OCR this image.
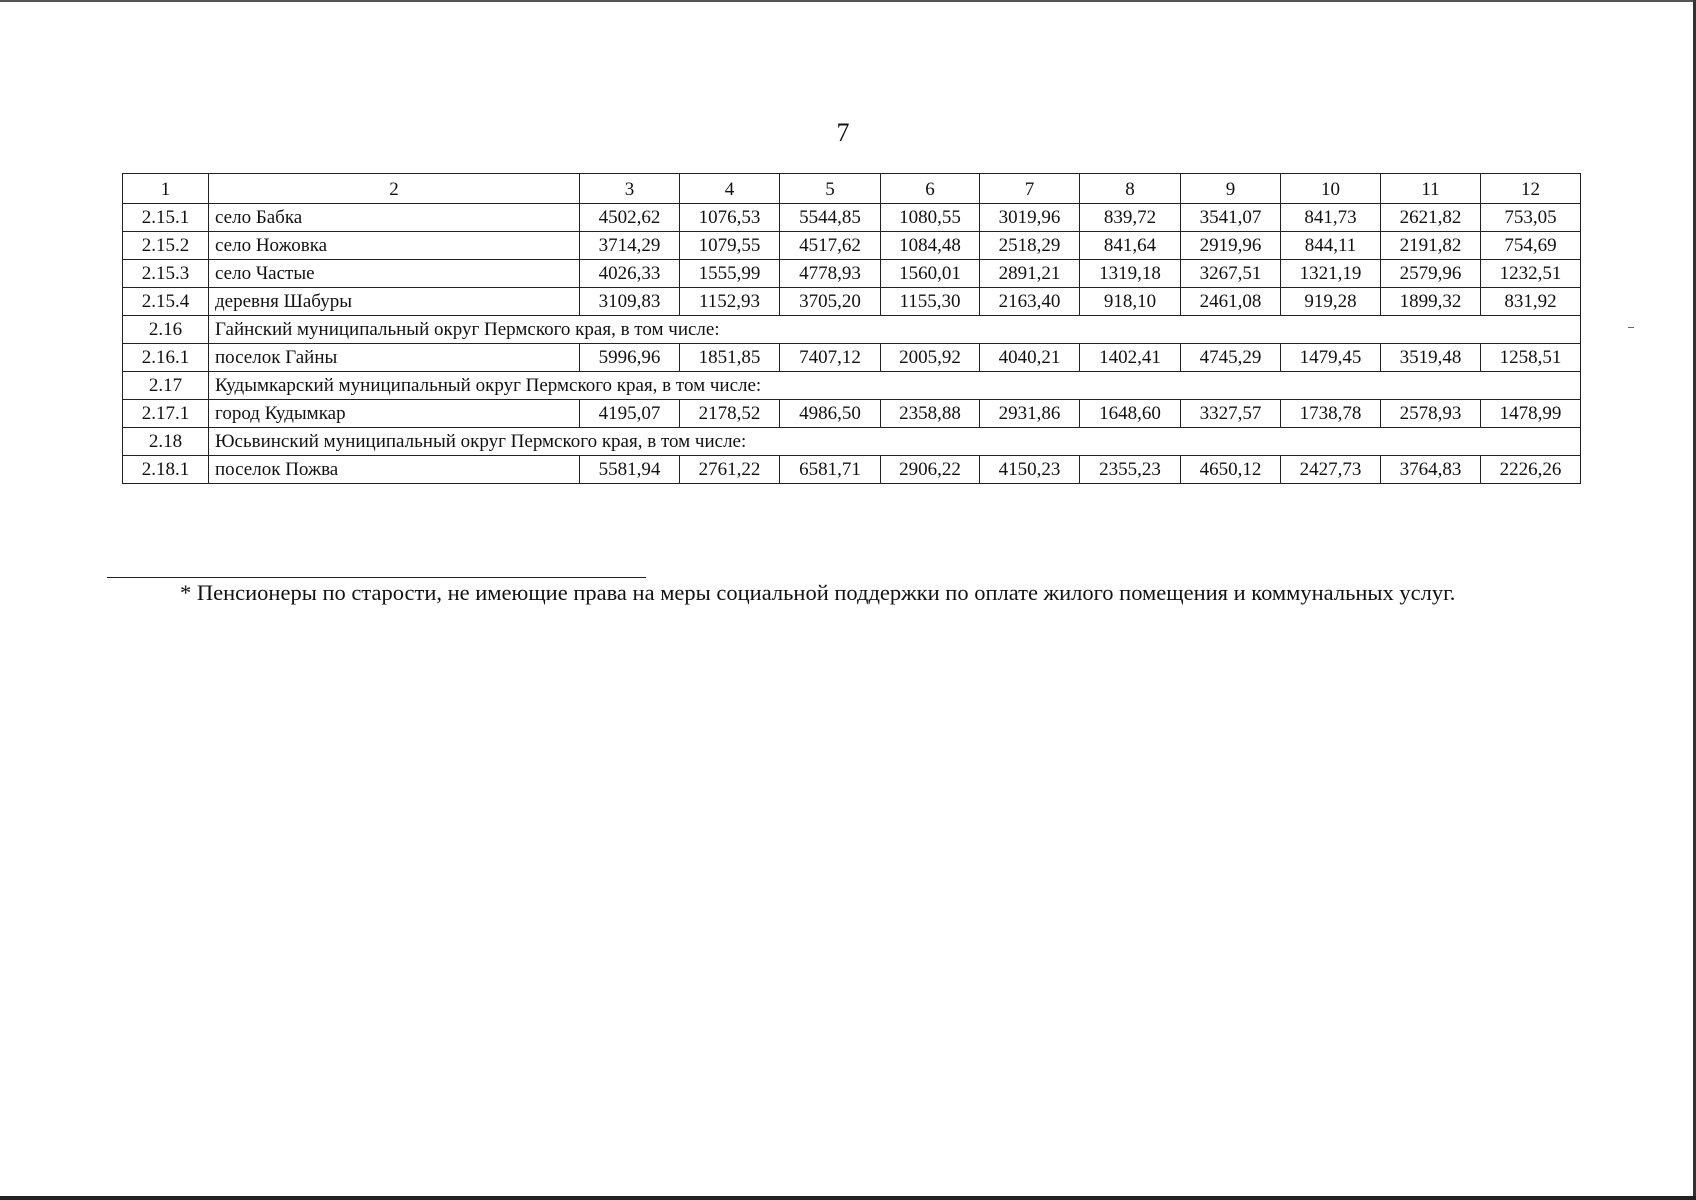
7
1	2	3	4	5	6	7	8	9	10	11	12
2.15.1	село Бабка	4502,62	1076,53	5544,85	1080,55	3019,96	839,72	3541,07	841,73	2621,82	753,05
2.15.2	село Ножовка	3714,29	1079,55	4517,62	1084,48	2518,29	841,64	2919,96	844,11	2191,82	754,69
2.15.3	село Частые	4026,33	1555,99	4778,93	1560,01	2891,21	1319,18	3267,51	1321,19	2579,96	1232,51
2.15.4	деревня Шабуры	3109,83	1152,93	3705,20	1155,30	2163,40	918,10	2461,08	919,28	1899,32	831,92
2.16	Гайнский муниципальный округ Пермского края, в том числе:										
2.16.1	поселок Гайны	5996,96	1851,85	7407,12	2005,92	4040,21	1402,41	4745,29	1479,45	3519,48	1258,51
2.17	Кудымкарский муниципальный округ Пермского края, в том числе:										
2.17.1	город Кудымкар	4195,07	2178,52	4986,50	2358,88	2931,86	1648,60	3327,57	1738,78	2578,93	1478,99
2.18	Юсьвинский муниципальный округ Пермского края, в том числе:										
2.18.1	поселок Пожва	5581,94	2761,22	6581,71	2906,22	4150,23	2355,23	4650,12	2427,73	3764,83	2226,26
* Пенсионеры по старости, не имеющие права на меры социальной поддержки по оплате жилого помещения и коммунальных услуг.
